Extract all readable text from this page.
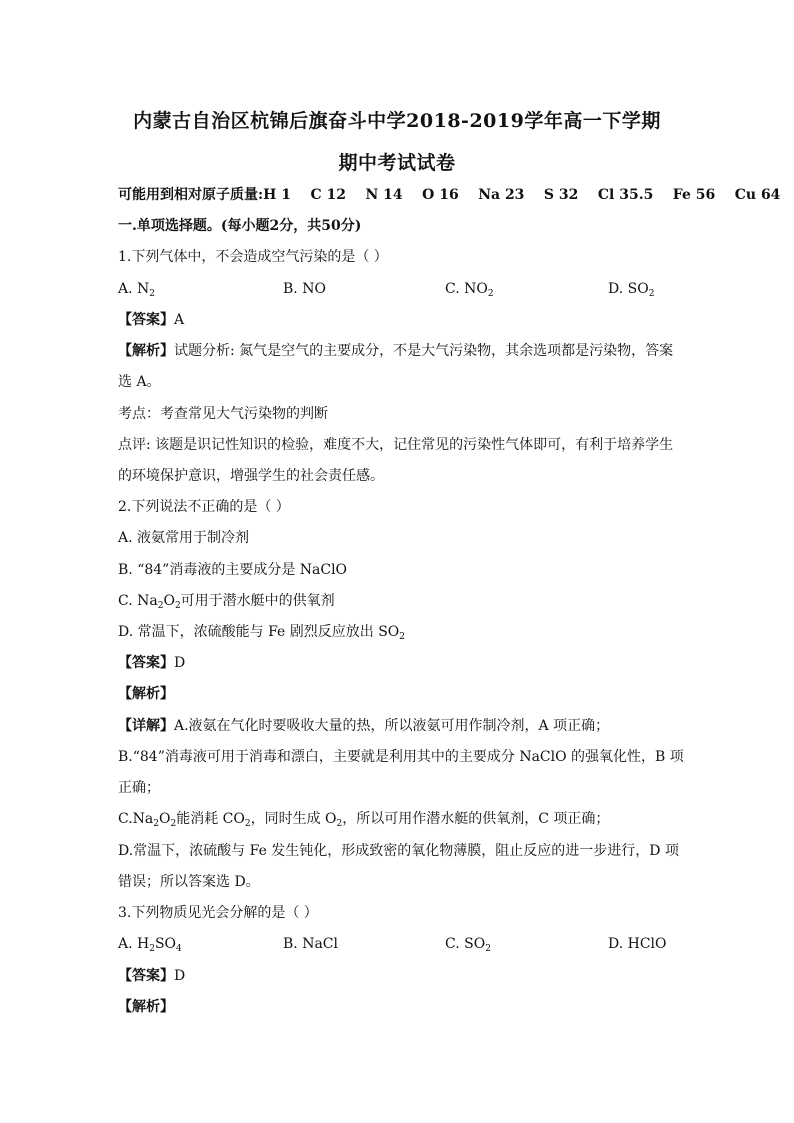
内蒙古自治区杭锦后旗奋斗中学2018-2019学年高一下学期
期中考试试卷
可能用到相对原子质量:H 1    C 12    N 14    O 16    Na 23    S 32    Cl 35.5    Fe 56    Cu 64
一.单项选择题。(每小题2分，共50分)
1.下列气体中，不会造成空气污染的是（ ）
A. $N_2$	B. NO	C. $NO_2$	D. $SO_2$
【答案】A
【解析】试题分析: 氮气是空气的主要成分，不是大气污染物，其余选项都是污染物，答案
选 A。
考点：考查常见大气污染物的判断
点评: 该题是识记性知识的检验，难度不大，记住常见的污染性气体即可，有利于培养学生
的环境保护意识，增强学生的社会责任感。
2.下列说法不正确的是（ ）
A. 液氨常用于制冷剂
B. “84”消毒液的主要成分是 NaClO
C. $Na_2O_2$可用于潜水艇中的供氧剂
D. 常温下，浓硫酸能与 Fe 剧烈反应放出 $SO_2$
【答案】D
【解析】
【详解】A.液氨在气化时要吸收大量的热，所以液氨可用作制冷剂，A 项正确；
B.“84”消毒液可用于消毒和漂白，主要就是利用其中的主要成分 NaClO 的强氧化性，B 项
正确；
$C.Na_2O_2$能消耗 $CO_2$，同时生成 $O_2$，所以可用作潜水艇的供氧剂，C 项正确；
D.常温下，浓硫酸与 Fe 发生钝化，形成致密的氧化物薄膜，阻止反应的进一步进行，D 项
错误；所以答案选 D。
3.下列物质见光会分解的是（ ）
A. $H_2SO_4$	B. NaCl	C. $SO_2$	D. HClO
【答案】D
【解析】
